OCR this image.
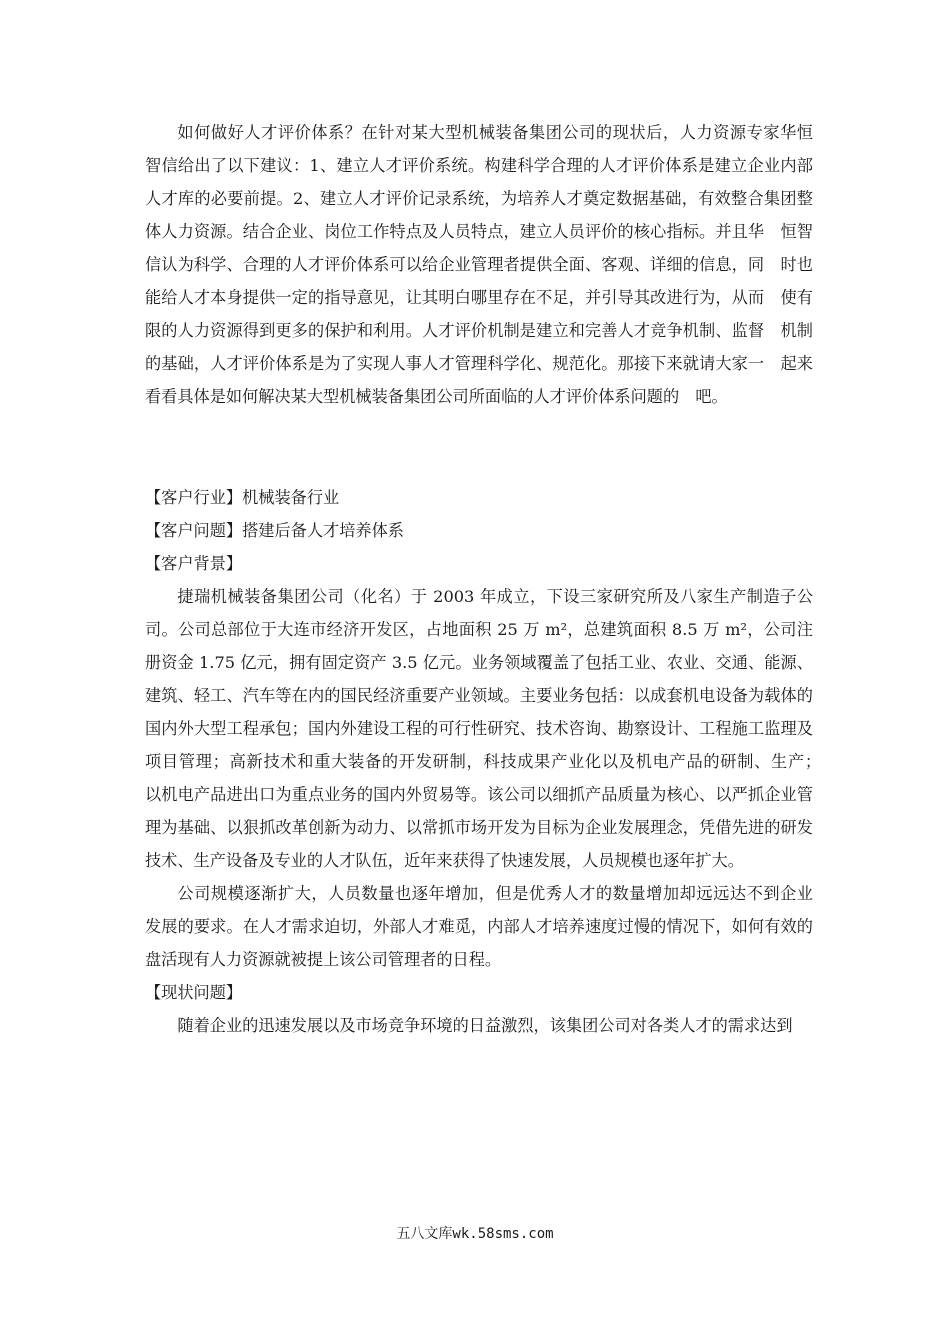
如何做好人才评价体系？在针对某大型机械装备集团公司的现状后，人力资源专家华恒　智信给出了以下建议：1、建立人才评价系统。构建科学合理的人才评价体系是建立企业内部人才库的必要前提。2、建立人才评价记录系统，为培养人才奠定数据基础，有效整合集团整体人力资源。结合企业、岗位工作特点及人员特点，建立人员评价的核心指标。并且华　恒智信认为科学、合理的人才评价体系可以给企业管理者提供全面、客观、详细的信息，同　时也能给人才本身提供一定的指导意见，让其明白哪里存在不足，并引导其改进行为，从而　使有限的人力资源得到更多的保护和利用。人才评价机制是建立和完善人才竞争机制、监督　机制的基础，人才评价体系是为了实现人事人才管理科学化、规范化。那接下来就请大家一　起来看看具体是如何解决某大型机械装备集团公司所面临的人才评价体系问题的　吧。

【客户行业】机械装备行业

【客户问题】搭建后备人才培养体系

【客户背景】

捷瑞机械装备集团公司（化名）于 2003 年成立，下设三家研究所及八家生产制造子公司。公司总部位于大连市经济开发区，占地面积 25 万 m²，总建筑面积 8.5 万 m²，公司注册资金 1.75 亿元，拥有固定资产 3.5 亿元。业务领域覆盖了包括工业、农业、交通、能源、建筑、轻工、汽车等在内的国民经济重要产业领域。主要业务包括：以成套机电设备为载体的国内外大型工程承包；国内外建设工程的可行性研究、技术咨询、勘察设计、工程施工监理及项目管理；高新技术和重大装备的开发研制，科技成果产业化以及机电产品的研制、生产；　　以机电产品进出口为重点业务的国内外贸易等。该公司以细抓产品质量为核心、以严抓企业管理为基础、以狠抓改革创新为动力、以常抓市场开发为目标为企业发展理念，凭借先进的研发技术、生产设备及专业的人才队伍，近年来获得了快速发展，人员规模也逐年扩大。

公司规模逐渐扩大，人员数量也逐年增加，但是优秀人才的数量增加却远远达不到企业　发展的要求。在人才需求迫切，外部人才难觅，内部人才培养速度过慢的情况下，如何有效的盘活现有人力资源就被提上该公司管理者的日程。

【现状问题】

随着企业的迅速发展以及市场竞争环境的日益激烈，该集团公司对各类人才的需求达到

五八文库wk.58sms.com
